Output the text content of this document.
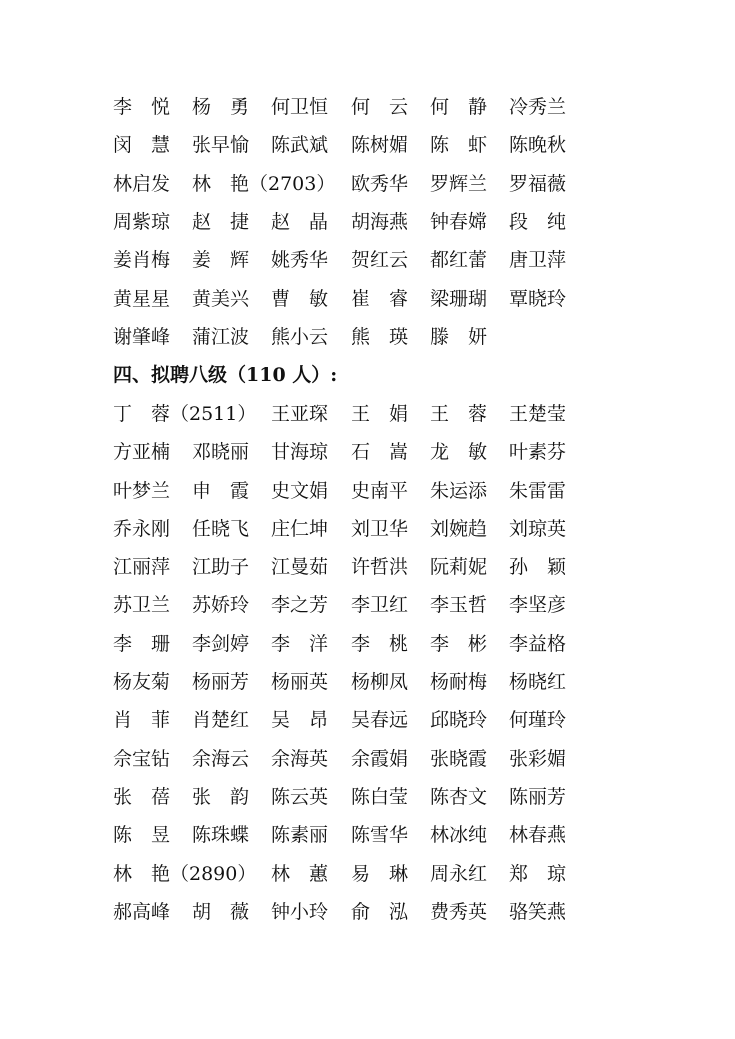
李　悦	杨　勇	何卫恒	何　云	何　静	冷秀兰
闵　慧	张早愉	陈武斌	陈树媚	陈　虾	陈晚秋
林启发	林　艳（2703） 欧秀华	罗辉兰	罗福薇
周紫琼	赵　捷	赵　晶	胡海燕	钟春嫦	段　纯
姜肖梅	姜　辉	姚秀华	贺红云	都红蕾	唐卫萍
黄星星	黄美兴	曹　敏	崔　睿	梁珊瑚	覃晓玲
谢肇峰	蒲江波	熊小云	熊　瑛	滕　妍
四、拟聘八级（110 人）:
丁　蓉（2511） 王亚琛	王　娟	王　蓉	王楚莹
方亚楠	邓晓丽	甘海琼	石　嵩	龙　敏	叶素芬
叶梦兰	申　霞	史文娟	史南平	朱运添	朱雷雷
乔永刚	任晓飞	庄仁坤	刘卫华	刘婉趋	刘琼英
江丽萍	江助子	江曼茹	许哲洪	阮莉妮	孙　颖
苏卫兰	苏娇玲	李之芳	李卫红	李玉哲	李坚彦
李　珊	李剑婷	李　洋	李　桃	李　彬	李益格
杨友菊	杨丽芳	杨丽英	杨柳凤	杨耐梅	杨晓红
肖　菲	肖楚红	吴　昂	吴春远	邱晓玲	何瑾玲
佘宝钻	余海云	余海英	余霞娟	张晓霞	张彩媚
张　蓓	张　韵	陈云英	陈白莹	陈杏文	陈丽芳
陈　昱	陈珠蝶	陈素丽	陈雪华	林冰纯	林春燕
林　艳（2890） 林　蕙	易　琳	周永红	郑　琼
郝高峰	胡　薇	钟小玲	俞　泓	费秀英	骆笑燕
